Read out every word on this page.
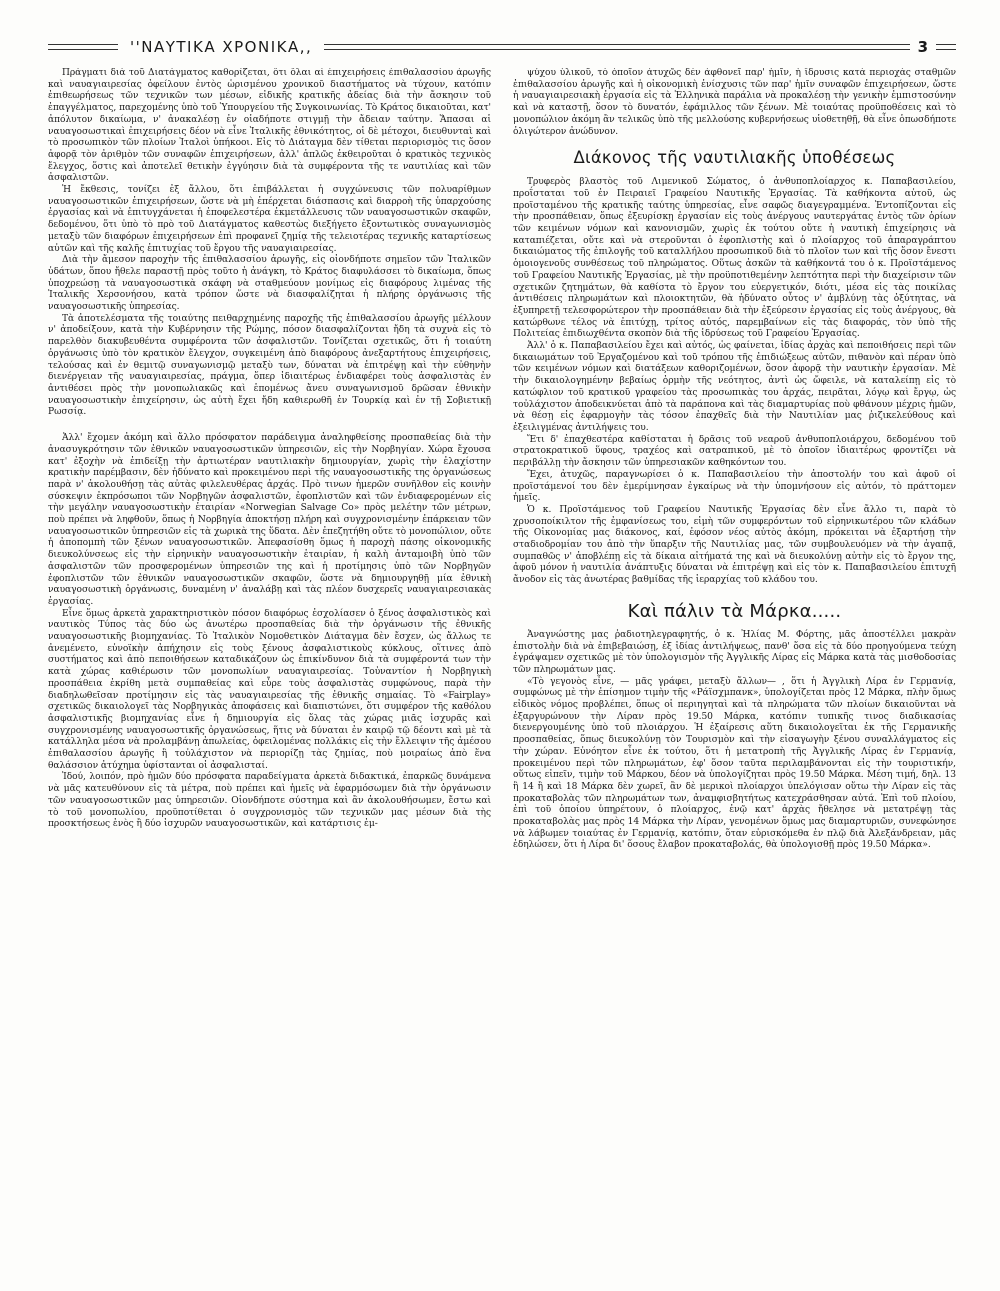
''ΝΑΥΤΙΚΑ ΧΡΟΝΙΚΑ,,	3

Πράγματι διὰ τοῦ Διατάγματος καθορίζεται, ὅτι ὅλαι αἱ ἐπιχειρήσεις ἐπιθαλασσίου ἀρωγῆς καὶ ναυαγιαιρεσίας ὀφείλουν ἐντὸς ὡρισμένου χρονικοῦ διαστήματος νὰ τύχουν, κατόπιν ἐπιθεωρήσεως τῶν τεχνικῶν των μέσων, εἰδικῆς κρατικῆς ἀδείας διὰ τὴν ἄσκησιν τοῦ ἐπαγγέλματος, παρεχομένης ὑπὸ τοῦ Ὑπουργείου τῆς Συγκοινωνίας. Τὸ Κράτος δικαιοῦται, κατ' ἀπόλυτον δικαίωμα, ν' ἀνακαλέσῃ ἐν οἱαδήποτε στιγμῇ τὴν ἄδειαν ταύτην. Ἅπασαι αἱ ναυαγοσωστικαὶ ἐπιχειρήσεις δέον νὰ εἶνε Ἰταλικῆς ἐθνικότητος, οἱ δὲ μέτοχοι, διευθυνταὶ καὶ τὸ προσωπικὸν τῶν πλοίων Ἰταλοὶ ὑπήκοοι. Εἰς τὸ Διάταγμα δὲν τίθεται περιορισμὸς τις ὅσον ἀφορᾷ τὸν ἀριθμὸν τῶν συναφῶν ἐπιχειρήσεων, ἀλλ' ἁπλῶς ἐκθειροῦται ὁ κρατικὸς τεχνικὸς ἔλεγχος, ὅστις καὶ ἀποτελεῖ θετικὴν ἐγγύησιν διὰ τὰ συμφέροντα τῆς τε ναυτιλίας καὶ τῶν ἀσφαλιστῶν.

Ἡ ἔκθεσις, τονίζει ἐξ ἄλλου, ὅτι ἐπιβάλλεται ἡ συγχώνευσις τῶν πολυαρίθμων ναυαγοσωστικῶν ἐπιχειρήσεων, ὥστε νὰ μὴ ἐπέρχεται διάσπασις καὶ διαρροὴ τῆς ὑπαρχούσης ἐργασίας καὶ νὰ ἐπιτυγχάνεται ἡ ἐποφελεστέρα ἐκμετάλλευσις τῶν ναυαγοσωστικῶν σκαφῶν, δεδομένου, ὅτι ὑπὸ τὸ πρὸ τοῦ Διατάγματος καθεστὼς διεξήγετο ἐξοντωτικὸς συναγωνισμὸς μεταξὺ τῶν διαφόρων ἐπιχειρήσεων ἐπὶ προφανεῖ ζημίᾳ τῆς τελειοτέρας τεχνικῆς καταρτίσεως αὐτῶν καὶ τῆς καλῆς ἐπιτυχίας τοῦ ἔργου τῆς ναυαγιαιρεσίας.

Διὰ τὴν ἄμεσον παροχὴν τῆς ἐπιθαλασσίου ἀρωγῆς, εἰς οἱονδήποτε σημεῖον τῶν Ἰταλικῶν ὑδάτων, ὅπου ἤθελε παραστῇ πρὸς τοῦτο ἡ ἀνάγκη, τὸ Κράτος διαφυλάσσει τὸ δικαίωμα, ὅπως ὑποχρεώσῃ τὰ ναυαγοσωστικὰ σκάφη νὰ σταθμεύουν μονίμως εἰς διαφόρους λιμένας τῆς Ἰταλικῆς Χερσονήσου, κατὰ τρόπον ὥστε νὰ διασφαλίζηται ἡ πλήρης ὀργάνωσις τῆς ναυαγοσωστικῆς ὑπηρεσίας.

Τὰ ἀποτελέσματα τῆς τοιαύτης πειθαρχημένης παροχῆς τῆς ἐπιθαλασσίου ἀρωγῆς μέλλουν ν' ἀποδείξουν, κατὰ τὴν Κυβέρνησιν τῆς Ρώμης, πόσον διασφαλίζονται ἤδη τὰ συχνὰ εἰς τὸ παρελθὸν διακυβευθέντα συμφέροντα τῶν ἀσφαλιστῶν. Τονίζεται σχετικῶς, ὅτι ἡ τοιαύτη ὀργάνωσις ὑπὸ τὸν κρατικὸν ἔλεγχον, συγκειμένη ἀπὸ διαφόρους ἀνεξαρτήτους ἐπιχειρήσεις, τελούσας καὶ ἐν θεμιτῷ συναγωνισμῷ μεταξὺ των, δύναται νὰ ἐπιτρέψῃ καὶ τὴν εὐθηνὴν διενέργειαν τῆς ναυαγιαιρεσίας, πράγμα, ὅπερ ἰδιαιτέρως ἐνδιαφέρει τοὺς ἀσφαλιστὰς ἐν ἀντιθέσει πρὸς τὴν μονοπωλιακῶς καὶ ἑπομένως ἄνευ συναγωνισμοῦ δρῶσαν ἐθνικὴν ναυαγοσωστικὴν ἐπιχείρησιν, ὡς αὐτὴ ἔχει ἤδη καθιερωθῆ ἐν Τουρκίᾳ καὶ ἐν τῇ Σοβιετικῇ Ρωσσίᾳ.

Ἀλλ' ἔχομεν ἀκόμη καὶ ἄλλο πρόσφατον παράδειγμα ἀναληφθείσης προσπαθείας διὰ τὴν ἀνασυγκρότησιν τῶν ἐθνικῶν ναυαγοσωστικῶν ὑπηρεσιῶν, εἰς τὴν Νορβηγίαν. Χώρα ἔχουσα κατ' ἐξοχὴν νὰ ἐπιδείξῃ τὴν ἀρτιωτέραν ναυτιλιακὴν δημιουργίαν, χωρὶς τὴν ἐλαχίστην κρατικὴν παρέμβασιν, δὲν ἠδύνατο καὶ προκειμένου περὶ τῆς ναυαγοσωστικῆς της ὀργανώσεως παρὰ ν' ἀκολουθήσῃ τὰς αὐτὰς φιλελευθέρας ἀρχάς. Πρὸ τινων ἡμερῶν συνῆλθον εἰς κοινὴν σύσκεψιν ἐκπρόσωποι τῶν Νορβηγῶν ἀσφαλιστῶν, ἐφοπλιστῶν καὶ τῶν ἐνδιαφερομένων εἰς τὴν μεγάλην ναυαγοσωστικὴν ἑταιρίαν «Norwegian Salvage Co» πρὸς μελέτην τῶν μέτρων, ποὺ πρέπει νὰ ληφθοῦν, ὅπως ἡ Νορβηγία ἀποκτήσῃ πλήρη καὶ συγχρονισμένην ἐπάρκειαν τῶν ναυαγοσωστικῶν ὑπηρεσιῶν εἰς τὰ χωρικὰ της ὕδατα. Δὲν ἐπεζητήθη οὔτε τὸ μονοπώλιον, οὔτε ἡ ἀποπομπὴ τῶν ξένων ναυαγοσωστικῶν. Ἀπεφασίσθη ὅμως ἡ παροχὴ πάσης οἰκονομικῆς διευκολύνσεως εἰς τὴν εἰρηνικὴν ναυαγοσωστικὴν ἑταιρίαν, ἡ καλὴ ἀνταμοιβὴ ὑπὸ τῶν ἀσφαλιστῶν τῶν προσφερομένων ὑπηρεσιῶν της καὶ ἡ προτίμησις ὑπὸ τῶν Νορβηγῶν ἐφοπλιστῶν τῶν ἐθνικῶν ναυαγοσωστικῶν σκαφῶν, ὥστε νὰ δημιουργηθῇ μία ἐθνικὴ ναυαγοσωστικὴ ὀργάνωσις, δυναμένη ν' ἀναλάβῃ καὶ τὰς πλέον δυσχερεῖς ναυαγιαιρεσιακὰς ἐργασίας.

Εἶνε ὅμως ἀρκετὰ χαρακτηριστικὸν πόσον διαφόρως ἐσχολίασεν ὁ ξένος ἀσφαλιστικὸς καὶ ναυτικὸς Τύπος τὰς δύο ὡς ἀνωτέρω προσπαθείας διὰ τὴν ὀργάνωσιν τῆς ἐθνικῆς ναυαγοσωστικῆς βιομηχανίας. Τὸ Ἰταλικὸν Νομοθετικὸν Διάταγμα δὲν ἔσχεν, ὡς ἄλλως τε ἀνεμένετο, εὐνοϊκὴν ἀπήχησιν εἰς τοὺς ξένους ἀσφαλιστικοὺς κύκλους, οἵτινες ἀπὸ συστήματος καὶ ἀπὸ πεποιθήσεων καταδικάζουν ὡς ἐπικίνδυνον διὰ τὰ συμφέροντά των τὴν κατὰ χώρας καθιέρωσιν τῶν μονοπωλίων ναυαγιαιρεσίας. Τοὐναντίον ἡ Νορβηγικὴ προσπάθεια ἐκρίθη μετὰ συμπαθείας καὶ εὗρε τοὺς ἀσφαλιστὰς συμφώνους, παρὰ τὴν διαδηλωθεῖσαν προτίμησιν εἰς τὰς ναυαγιαιρεσίας τῆς ἐθνικῆς σημαίας. Τὸ «Fairplay» σχετικῶς δικαιολογεῖ τὰς Νορβηγικὰς ἀποφάσεις καὶ διαπιστώνει, ὅτι συμφέρον τῆς καθόλου ἀσφαλιστικῆς βιομηχανίας εἶνε ἡ δημιουργία εἰς ὅλας τὰς χώρας μιᾶς ἰσχυρᾶς καὶ συγχρονισμένης ναυαγοσωστικῆς ὀργανώσεως, ἥτις νὰ δύναται ἐν καιρῷ τῷ δέοντι καὶ μὲ τὰ κατάλληλα μέσα νὰ προλαμβάνῃ ἀπωλείας, ὀφειλομένας πολλάκις εἰς τὴν ἔλλειψιν τῆς ἀμέσου ἐπιθαλασσίου ἀρωγῆς ἢ τοὐλάχιστον νὰ περιορίζῃ τὰς ζημίας, ποὺ μοιραίως ἀπὸ ἕνα θαλάσσιον ἀτύχημα ὑφίστανται οἱ ἀσφαλισταί.

Ἰδού, λοιπόν, πρὸ ἡμῶν δύο πρόσφατα παραδείγματα ἀρκετὰ διδακτικά, ἐπαρκῶς δυνάμενα νὰ μᾶς κατευθύνουν εἰς τὰ μέτρα, ποὺ πρέπει καὶ ἡμεῖς νὰ ἐφαρμόσωμεν διὰ τὴν ὀργάνωσιν τῶν ναυαγοσωστικῶν μας ὑπηρεσιῶν. Οἱονδήποτε σύστημα καὶ ἂν ἀκολουθήσωμεν, ἔστω καὶ τὸ τοῦ μονοπωλίου, προϋποτίθεται ὁ συγχρονισμὸς τῶν τεχνικῶν μας μέσων διὰ τὴς προσκτήσεως ἑνὸς ἢ δύο ἰσχυρῶν ναυαγοσωστικῶν, καὶ κατάρτισις ἐμ-

ψύχου ὑλικοῦ, τὸ ὁποῖον ἀτυχῶς δὲν ἀφθονεῖ παρ' ἡμῖν, ἡ ἵδρυσις κατὰ περιοχὰς σταθμῶν ἐπιθαλασσίου ἀρωγῆς καὶ ἡ οἰκονομικὴ ἐνίσχυσις τῶν παρ' ἡμῖν συναφῶν ἐπιχειρήσεων, ὥστε ἡ ναυαγιαιρεσιακὴ ἐργασία εἰς τὰ Ἑλληνικὰ παράλια νὰ προκαλέσῃ τὴν γενικὴν ἐμπιστοσύνην καὶ νὰ καταστῇ, ὅσον τὸ δυνατόν, ἐφάμιλλος τῶν ξένων. Μὲ τοιαύτας προϋποθέσεις καὶ τὸ μονοπώλιον ἀκόμη ἂν τελικῶς ὑπὸ τῆς μελλούσης κυβερνήσεως υἱοθετηθῇ, θὰ εἶνε ὁπωσδήποτε ὀλιγώτερον ἀνώδυνον.

Διάκονος τῆς ναυτιλιακῆς ὑποθέσεως

Τρυφερὸς βλαστὸς τοῦ Λιμενικοῦ Σώματος, ὁ ἀνθυποπλοίαρχος κ. Παπαβασιλείου, προΐσταται τοῦ ἐν Πειραιεῖ Γραφείου Ναυτικῆς Ἐργασίας. Τὰ καθήκοντα αὐτοῦ, ὡς προϊσταμένου τῆς κρατικῆς ταύτης ὑπηρεσίας, εἶνε σαφῶς διαγεγραμμένα. Ἐντοπίζονται εἰς τὴν προσπάθειαν, ὅπως ἐξευρίσκῃ ἐργασίαν εἰς τοὺς ἀνέργους ναυτεργάτας ἐντὸς τῶν ὁρίων τῶν κειμένων νόμων καὶ κανονισμῶν, χωρὶς ἐκ τούτου οὔτε ἡ ναυτικὴ ἐπιχείρησις νὰ καταπιέζεται, οὔτε καὶ νὰ στεροῦνται ὁ ἐφοπλιστὴς καὶ ὁ πλοίαρχος τοῦ ἀπαραγράπτου δικαιώματος τῆς ἐπιλογῆς τοῦ καταλλήλου προσωπικοῦ διὰ τὸ πλοῖον των καὶ τῆς ὅσον ἔνεστι ὁμοιογενοῦς συνθέσεως τοῦ πληρώματος. Οὕτως ἀσκῶν τὰ καθήκοντά του ὁ κ. Προϊστάμενος τοῦ Γραφείου Ναυτικῆς Ἐργασίας, μὲ τὴν προϋποτιθεμένην λεπτότητα περὶ τὴν διαχείρισιν τῶν σχετικῶν ζητημάτων, θὰ καθίστα τὸ ἔργον του εὐεργετικόν, διότι, μέσα εἰς τὰς ποικίλας ἀντιθέσεις πληρωμάτων καὶ πλοιοκτητῶν, θὰ ἠδύνατο οὗτος ν' ἀμβλύνῃ τὰς ὀξύτητας, νὰ ἐξυπηρετῇ τελεσφορώτερον τὴν προσπάθειαν διὰ τὴν ἐξεύρεσιν ἐργασίας εἰς τοὺς ἀνέργους, θὰ κατώρθωνε τέλος νὰ ἐπιτύχῃ, τρίτος αὐτός, παρεμβαίνων εἰς τὰς διαφοράς, τὸν ὑπὸ τῆς Πολιτείας ἐπιδιωχθέντα σκοπὸν διὰ τῆς ἱδρύσεως τοῦ Γραφείου Ἐργασίας.

Ἀλλ' ὁ κ. Παπαβασιλείου ἔχει καὶ αὐτός, ὡς φαίνεται, ἰδίας ἀρχὰς καὶ πεποιθήσεις περὶ τῶν δικαιωμάτων τοῦ Ἐργαζομένου καὶ τοῦ τρόπου τῆς ἐπιδιώξεως αὐτῶν, πιθανὸν καὶ πέραν ὑπὸ τῶν κειμένων νόμων καὶ διατάξεων καθοριζομένων, ὅσον ἀφορᾷ τὴν ναυτικὴν ἐργασίαν. Μὲ τὴν δικαιολογημένην βεβαίως ὁρμὴν τῆς νεότητος, ἀντὶ ὡς ὤφειλε, νὰ καταλείπῃ εἰς τὸ κατώφλιον τοῦ κρατικοῦ γραφείου τὰς προσωπικὰς του ἀρχάς, πειρᾶται, λόγῳ καὶ ἔργῳ, ὡς τοὐλάχιστον ἀποδεικνύεται ἀπὸ τὰ παράπονα καὶ τὰς διαμαρτυρίας ποὺ φθάνουν μέχρις ἡμῶν, νὰ θέσῃ εἰς ἐφαρμογὴν τὰς τόσον ἐπαχθεῖς διὰ τὴν Ναυτιλίαν μας ῥιζικελεύθους καὶ ἐξειλιγμένας ἀντιλήψεις του.

Ἔτι δ' ἐπαχθεστέρα καθίσταται ἡ δρᾶσις τοῦ νεαροῦ ἀνθυποπλοιάρχου, δεδομένου τοῦ στρατοκρατικοῦ ὕφους, τραχέος καὶ σατραπικοῦ, μὲ τὸ ὁποῖον ἰδιαιτέρως φροντίζει νὰ περιβάλλῃ τὴν ἄσκησιν τῶν ὑπηρεσιακῶν καθηκόντων του.

Ἔχει, ἀτυχῶς, παραγνωρίσει ὁ κ. Παπαβασιλείου τὴν ἀποστολήν του καὶ ἀφοῦ οἱ προϊστάμενοί του δὲν ἐμερίμνησαν ἐγκαίρως νὰ τὴν ὑπομνήσουν εἰς αὐτόν, τὸ πράττομεν ἡμεῖς.

Ὁ κ. Προϊστάμενος τοῦ Γραφείου Ναυτικῆς Ἐργασίας δὲν εἶνε ἄλλο τι, παρὰ τὸ χρυσοποίκιλτον τῆς ἐμφανίσεως του, εἰμὴ τῶν συμφερόντων τοῦ εἰρηνικωτέρου τῶν κλάδων τῆς Οἰκονομίας μας διάκονος, καί, ἐφόσον νέος αὐτὸς ἀκόμη, πρόκειται νὰ ἐξαρτήσῃ τὴν σταδιοδρομίαν του ἀπὸ τὴν ὕπαρξιν τῆς Ναυτιλίας μας, τῶν συμβουλευόμεν νὰ τὴν ἀγαπᾷ, συμπαθῶς ν' ἀποβλέπῃ εἰς τὰ δίκαια αἰτήματά της καὶ νὰ διευκολύνῃ αὐτὴν εἰς τὸ ἔργον της, ἀφοῦ μόνον ἡ ναυτιλία ἀνάπτυξις δύναται νὰ ἐπιτρέψῃ καὶ εἰς τὸν κ. Παπαβασιλείου ἐπιτυχῆ ἄνοδον εἰς τὰς ἀνωτέρας βαθμίδας τῆς ἱεραρχίας τοῦ κλάδου του.

Καὶ πάλιν τὰ Μάρκα.....

Ἀναγνώστης μας ῥαδιοτηλεγραφητής, ὁ κ. Ἠλίας Μ. Φόρτης, μᾶς ἀποστέλλει μακρὰν ἐπιστολὴν διὰ νὰ ἐπιβεβαιώσῃ, ἐξ ἰδίας ἀντιλήψεως, πανθ' ὅσα εἰς τὰ δύο προηγούμενα τεύχη ἐγράψαμεν σχετικῶς μὲ τὸν ὑπολογισμὸν τῆς Ἀγγλικῆς Λίρας εἰς Μάρκα κατὰ τὰς μισθοδοσίας τῶν πληρωμάτων μας.

«Τὸ γεγονὸς εἶνε, — μᾶς γράφει, μεταξὺ ἄλλων— , ὅτι ἡ Ἀγγλικὴ Λίρα ἐν Γερμανίᾳ, συμφώνως μὲ τὴν ἐπίσημον τιμὴν τῆς «Ράϊσχμπανκ», ὑπολογίζεται πρὸς 12 Μάρκα, πλὴν ὅμως εἰδικὸς νόμος προβλέπει, ὅπως οἱ περιηγηταὶ καὶ τὰ πληρώματα τῶν πλοίων δικαιοῦνται νὰ ἐξαργυρώνουν τὴν Λίραν πρὸς 19.50 Μάρκα, κατόπιν τυπικῆς τινος διαδικασίας διενεργουμένης ὑπὸ τοῦ πλοιάρχου. Ἡ ἐξαίρεσις αὕτη δικαιολογεῖται ἐκ τῆς Γερμανικῆς προσπαθείας, ὅπως διευκολύνῃ τὸν Τουρισμὸν καὶ τὴν εἰσαγωγὴν ξένου συναλλάγματος εἰς τὴν χώραν. Εὐνόητον εἶνε ἐκ τούτου, ὅτι ἡ μετατροπὴ τῆς Ἀγγλικῆς Λίρας ἐν Γερμανίᾳ, προκειμένου περὶ τῶν πληρωμάτων, ἐφ' ὅσον ταῦτα περιλαμβάνονται εἰς τὴν τουριστικήν, οὕτως εἰπεῖν, τιμὴν τοῦ Μάρκου, δέον νὰ ὑπολογίζηται πρὸς 19.50 Μάρκα. Μέση τιμή, δηλ. 13 ἢ 14 ἢ καὶ 18 Μάρκα δὲν χωρεῖ, ἂν δὲ μερικοὶ πλοίαρχοι ὑπελόγισαν οὕτω τὴν Λίραν εἰς τὰς προκαταβολὰς τῶν πληρωμάτων των, ἀναμφισβητήτως κατεχράσθησαν αὐτά. Ἐπὶ τοῦ πλοίου, ἐπὶ τοῦ ὁποίου ὑπηρέτουν, ὁ πλοίαρχος, ἐνῷ κατ' ἀρχὰς ἤθελησε νὰ μετατρέψῃ τὰς προκαταβολὰς μας πρὸς 14 Μάρκα τὴν Λίραν, γενομένων ὅμως μας διαμαρτυριῶν, συνεφώνησε νὰ λάβωμεν τοιαύτας ἐν Γερμανίᾳ, κατόπιν, ὅταν εὑρισκόμεθα ἐν πλῷ διὰ Ἀλεξάνδρειαν, μᾶς ἐδηλώσεν, ὅτι ἡ Λίρα δι' ὅσους ἔλαβον προκαταβολάς, θὰ ὑπολογισθῇ πρὸς 19.50 Μάρκα».
